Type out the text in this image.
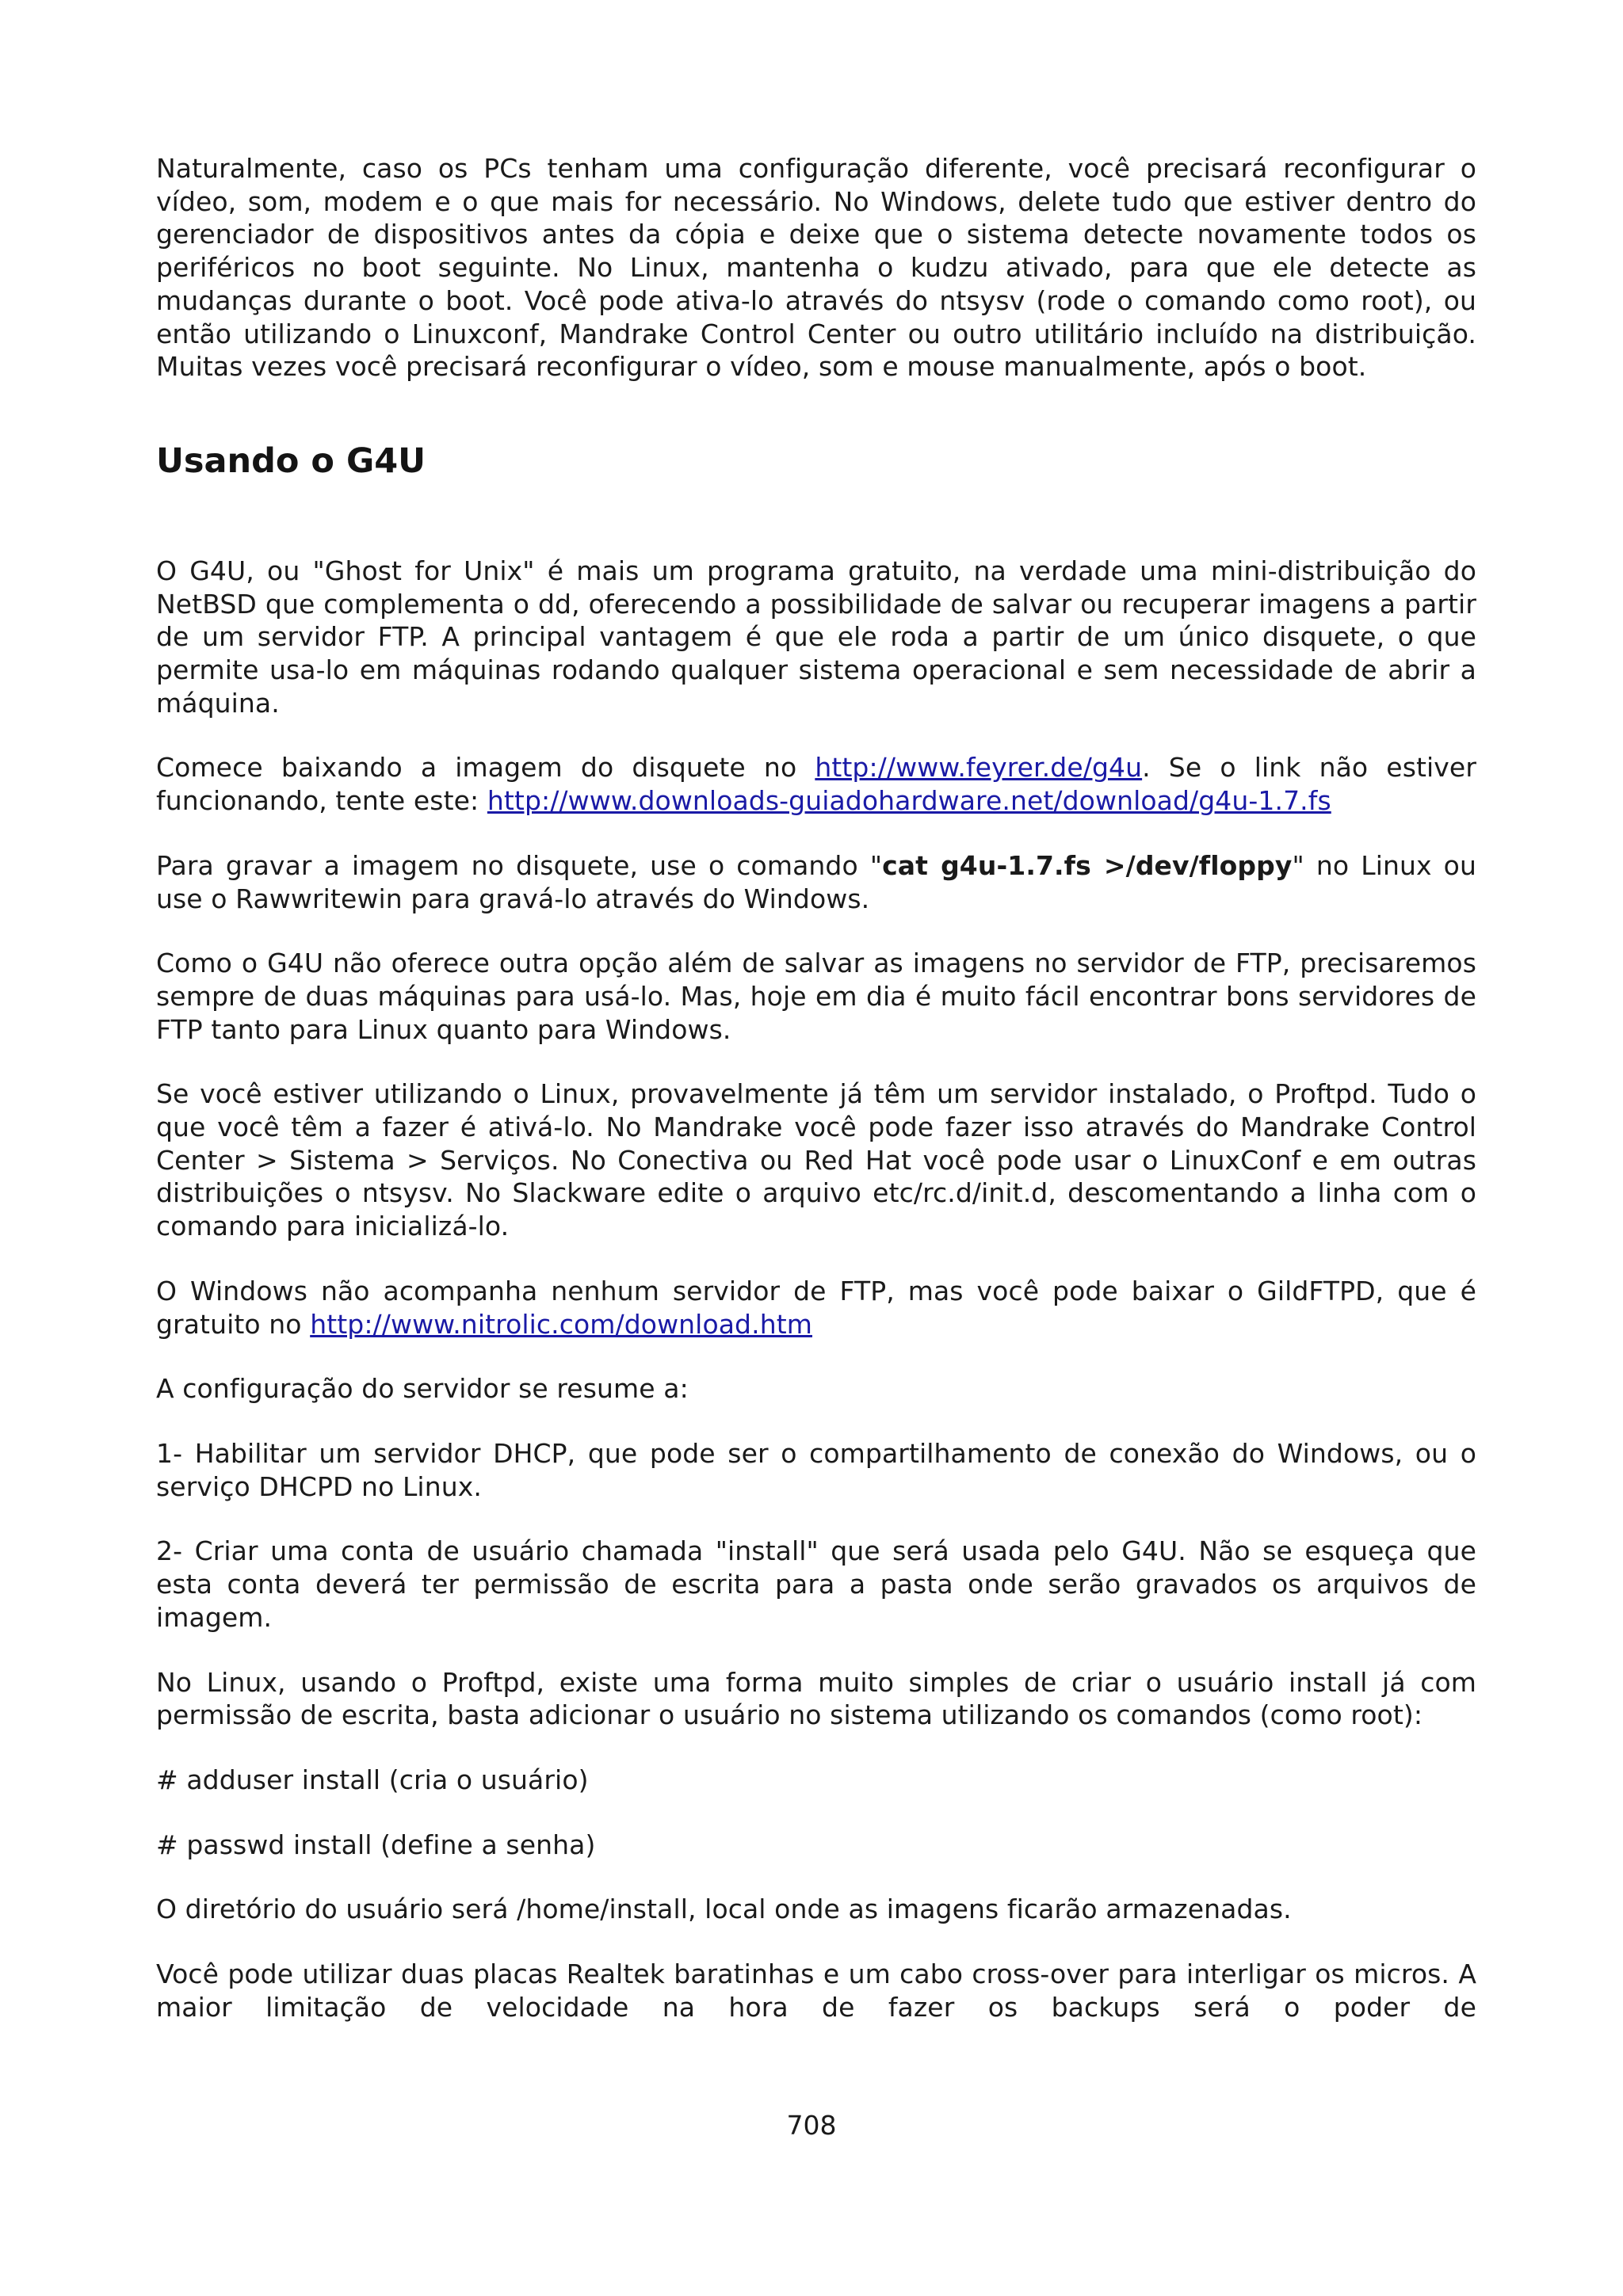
Naturalmente, caso os PCs tenham uma configuração diferente, você precisará reconfigurar o vídeo, som, modem e o que mais for necessário. No Windows, delete tudo que estiver dentro do gerenciador de dispositivos antes da cópia e deixe que o sistema detecte novamente todos os periféricos no boot seguinte. No Linux, mantenha o kudzu ativado, para que ele detecte as mudanças durante o boot. Você pode ativa-lo através do ntsysv (rode o comando como root), ou então utilizando o Linuxconf, Mandrake Control Center ou outro utilitário incluído na distribuição. Muitas vezes você precisará reconfigurar o vídeo, som e mouse manualmente, após o boot.

Usando o G4U

O G4U, ou "Ghost for Unix" é mais um programa gratuito, na verdade uma mini-distribuição do NetBSD que complementa o dd, oferecendo a possibilidade de salvar ou recuperar imagens a partir de um servidor FTP. A principal vantagem é que ele roda a partir de um único disquete, o que permite usa-lo em máquinas rodando qualquer sistema operacional e sem necessidade de abrir a máquina.

Comece baixando a imagem do disquete no http://www.feyrer.de/g4u. Se o link não estiver funcionando, tente este: http://www.downloads-guiadohardware.net/download/g4u-1.7.fs

Para gravar a imagem no disquete, use o comando "cat g4u-1.7.fs >/dev/floppy" no Linux ou use o Rawwritewin para gravá-lo através do Windows.

Como o G4U não oferece outra opção além de salvar as imagens no servidor de FTP, precisaremos sempre de duas máquinas para usá-lo. Mas, hoje em dia é muito fácil encontrar bons servidores de FTP tanto para Linux quanto para Windows.

Se você estiver utilizando o Linux, provavelmente já têm um servidor instalado, o Proftpd. Tudo o que você têm a fazer é ativá-lo. No Mandrake você pode fazer isso através do Mandrake Control Center > Sistema > Serviços. No Conectiva ou Red Hat você pode usar o LinuxConf e em outras distribuições o ntsysv. No Slackware edite o arquivo etc/rc.d/init.d, descomentando a linha com o comando para inicializá-lo.

O Windows não acompanha nenhum servidor de FTP, mas você pode baixar o GildFTPD, que é gratuito no http://www.nitrolic.com/download.htm

A configuração do servidor se resume a:

1- Habilitar um servidor DHCP, que pode ser o compartilhamento de conexão do Windows, ou o serviço DHCPD no Linux.

2- Criar uma conta de usuário chamada "install" que será usada pelo G4U. Não se esqueça que esta conta deverá ter permissão de escrita para a pasta onde serão gravados os arquivos de imagem.

No Linux, usando o Proftpd, existe uma forma muito simples de criar o usuário install já com permissão de escrita, basta adicionar o usuário no sistema utilizando os comandos (como root):

# adduser install (cria o usuário)

# passwd install (define a senha)

O diretório do usuário será /home/install, local onde as imagens ficarão armazenadas.

Você pode utilizar duas placas Realtek baratinhas e um cabo cross-over para interligar os micros. A maior limitação de velocidade na hora de fazer os backups será o poder de

708
